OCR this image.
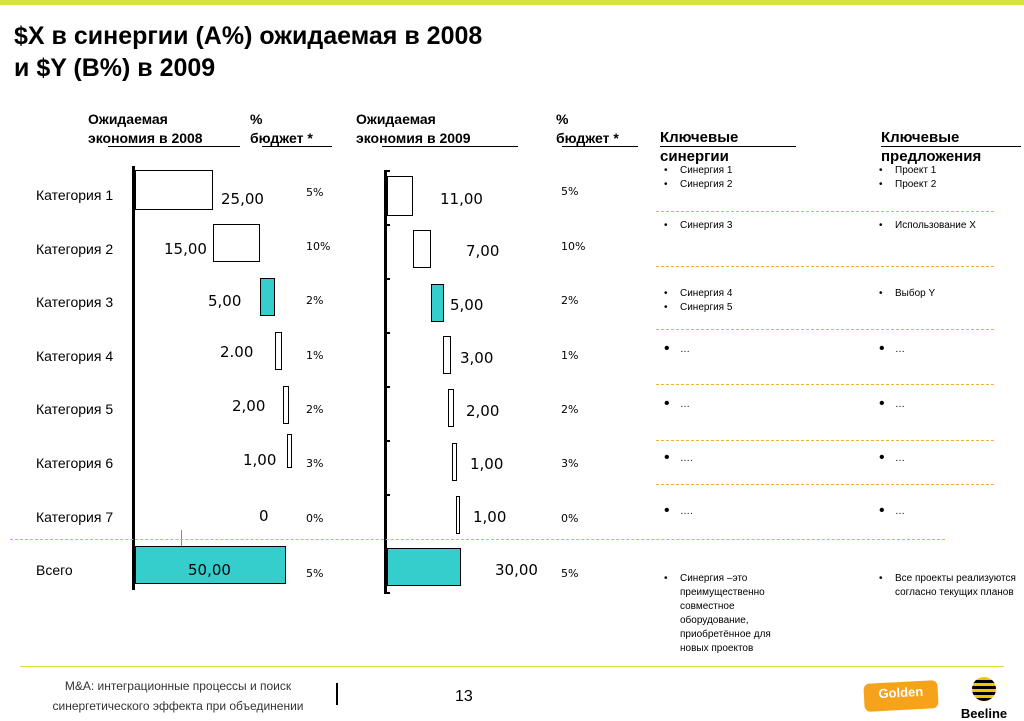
$X в синергии (A%) ожидаемая в 2008
и $Y (B%) в 2009
Ожидаемая
экономия в 2008
%
бюджет *
Ожидаемая
экономия в 2009
%
бюджет *	Ключевые
синергии
Ключевые
предложения
Категория 1
Категория 2
Категория 3
Категория 4
Категория 5
Категория 6
Категория 7
Всего
25,00
15,00
5,00
2.00
2,00
1,00
0
50,00
5%
10%
2%
1%
2%
3%
0%
5%
11,00
7,00
5,00
3,00
2,00
1,00
1,00
30,00
5%
10%
2%
1%
2%
3%
0%
5%
• Синергия 1
• Синергия 2
• Синергия 3
• Синергия 4
• Синергия 5
• …
• …
• ….
• ….
• Синергия –это преимущественно совместное оборудование, приобретённое для новых проектов
• Проект 1
• Проект 2
• Использование X
• Выбор Y
• …
• …
• …
• …
• Все проекты реализуются согласно текущих планов
M&A: интеграционные процессы и поиск
синергетического эффекта при объединении
13	Golden
Beeline
